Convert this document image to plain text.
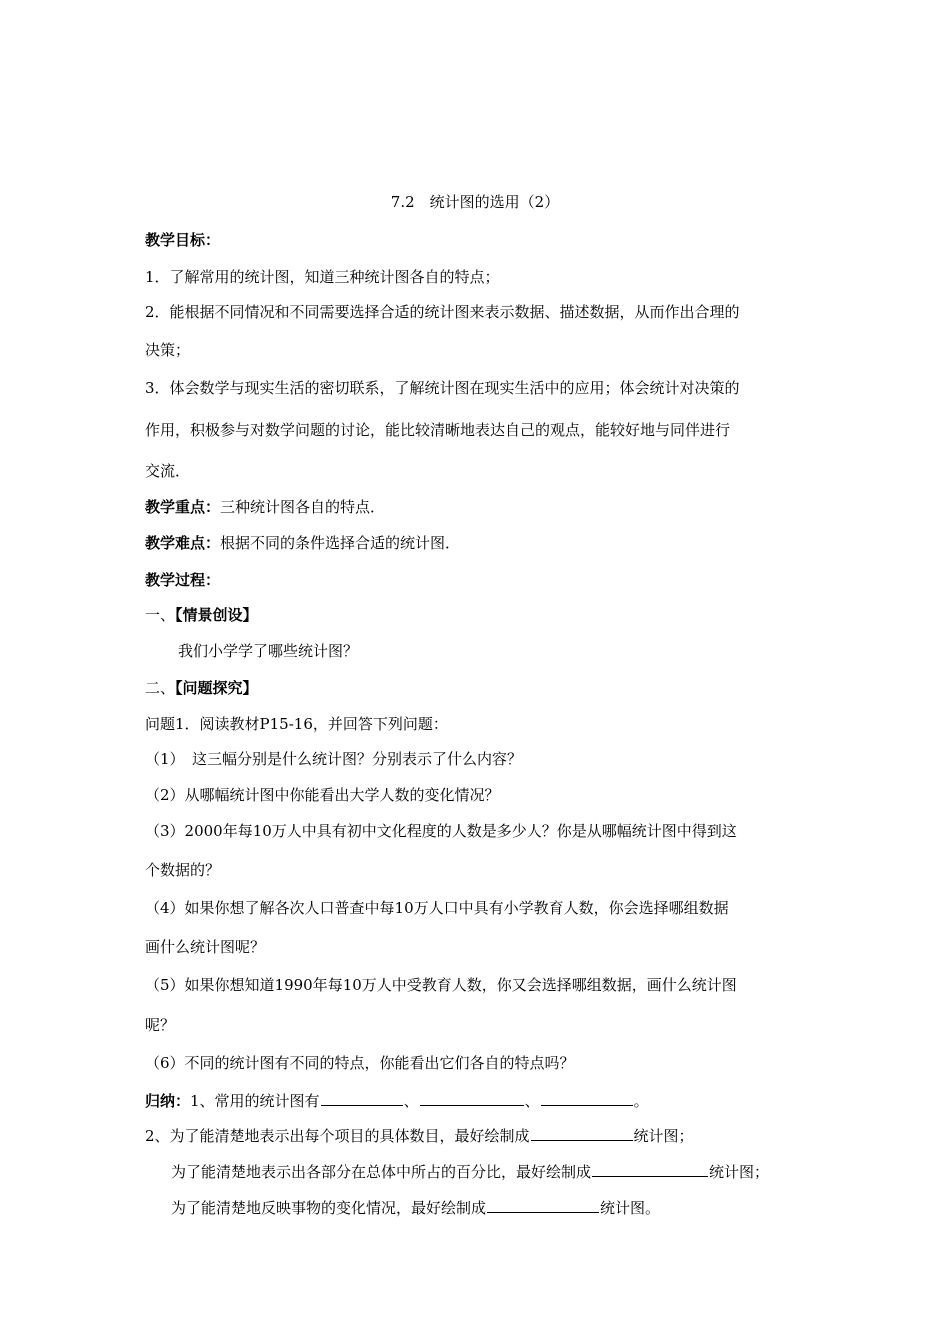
7.2　统计图的选用（2）
教学目标：
1．了解常用的统计图，知道三种统计图各自的特点；
2．能根据不同情况和不同需要选择合适的统计图来表示数据、描述数据，从而作出合理的
决策；
3．体会数学与现实生活的密切联系，了解统计图在现实生活中的应用；体会统计对决策的
作用，积极参与对数学问题的讨论，能比较清晰地表达自己的观点，能较好地与同伴进行
交流．
教学重点：三种统计图各自的特点．
教学难点：根据不同的条件选择合适的统计图．
教学过程：
一、【情景创设】
我们小学学了哪些统计图？
二、【问题探究】
问题1．阅读教材P15-16，并回答下列问题：
（1）　这三幅分别是什么统计图？分别表示了什么内容？
（2）从哪幅统计图中你能看出大学人数的变化情况？
（3）2000年每10万人中具有初中文化程度的人数是多少人？你是从哪幅统计图中得到这
个数据的？
（4）如果你想了解各次人口普查中每10万人口中具有小学教育人数，你会选择哪组数据
画什么统计图呢？
（5）如果你想知道1990年每10万人中受教育人数，你又会选择哪组数据，画什么统计图
呢？
（6）不同的统计图有不同的特点，你能看出它们各自的特点吗？
归纳：1、常用的统计图有	、	、	。
2、为了能清楚地表示出每个项目的具体数目，最好绘制成	统计图；
为了能清楚地表示出各部分在总体中所占的百分比，最好绘制成	统计图；
为了能清楚地反映事物的变化情况，最好绘制成	统计图。
